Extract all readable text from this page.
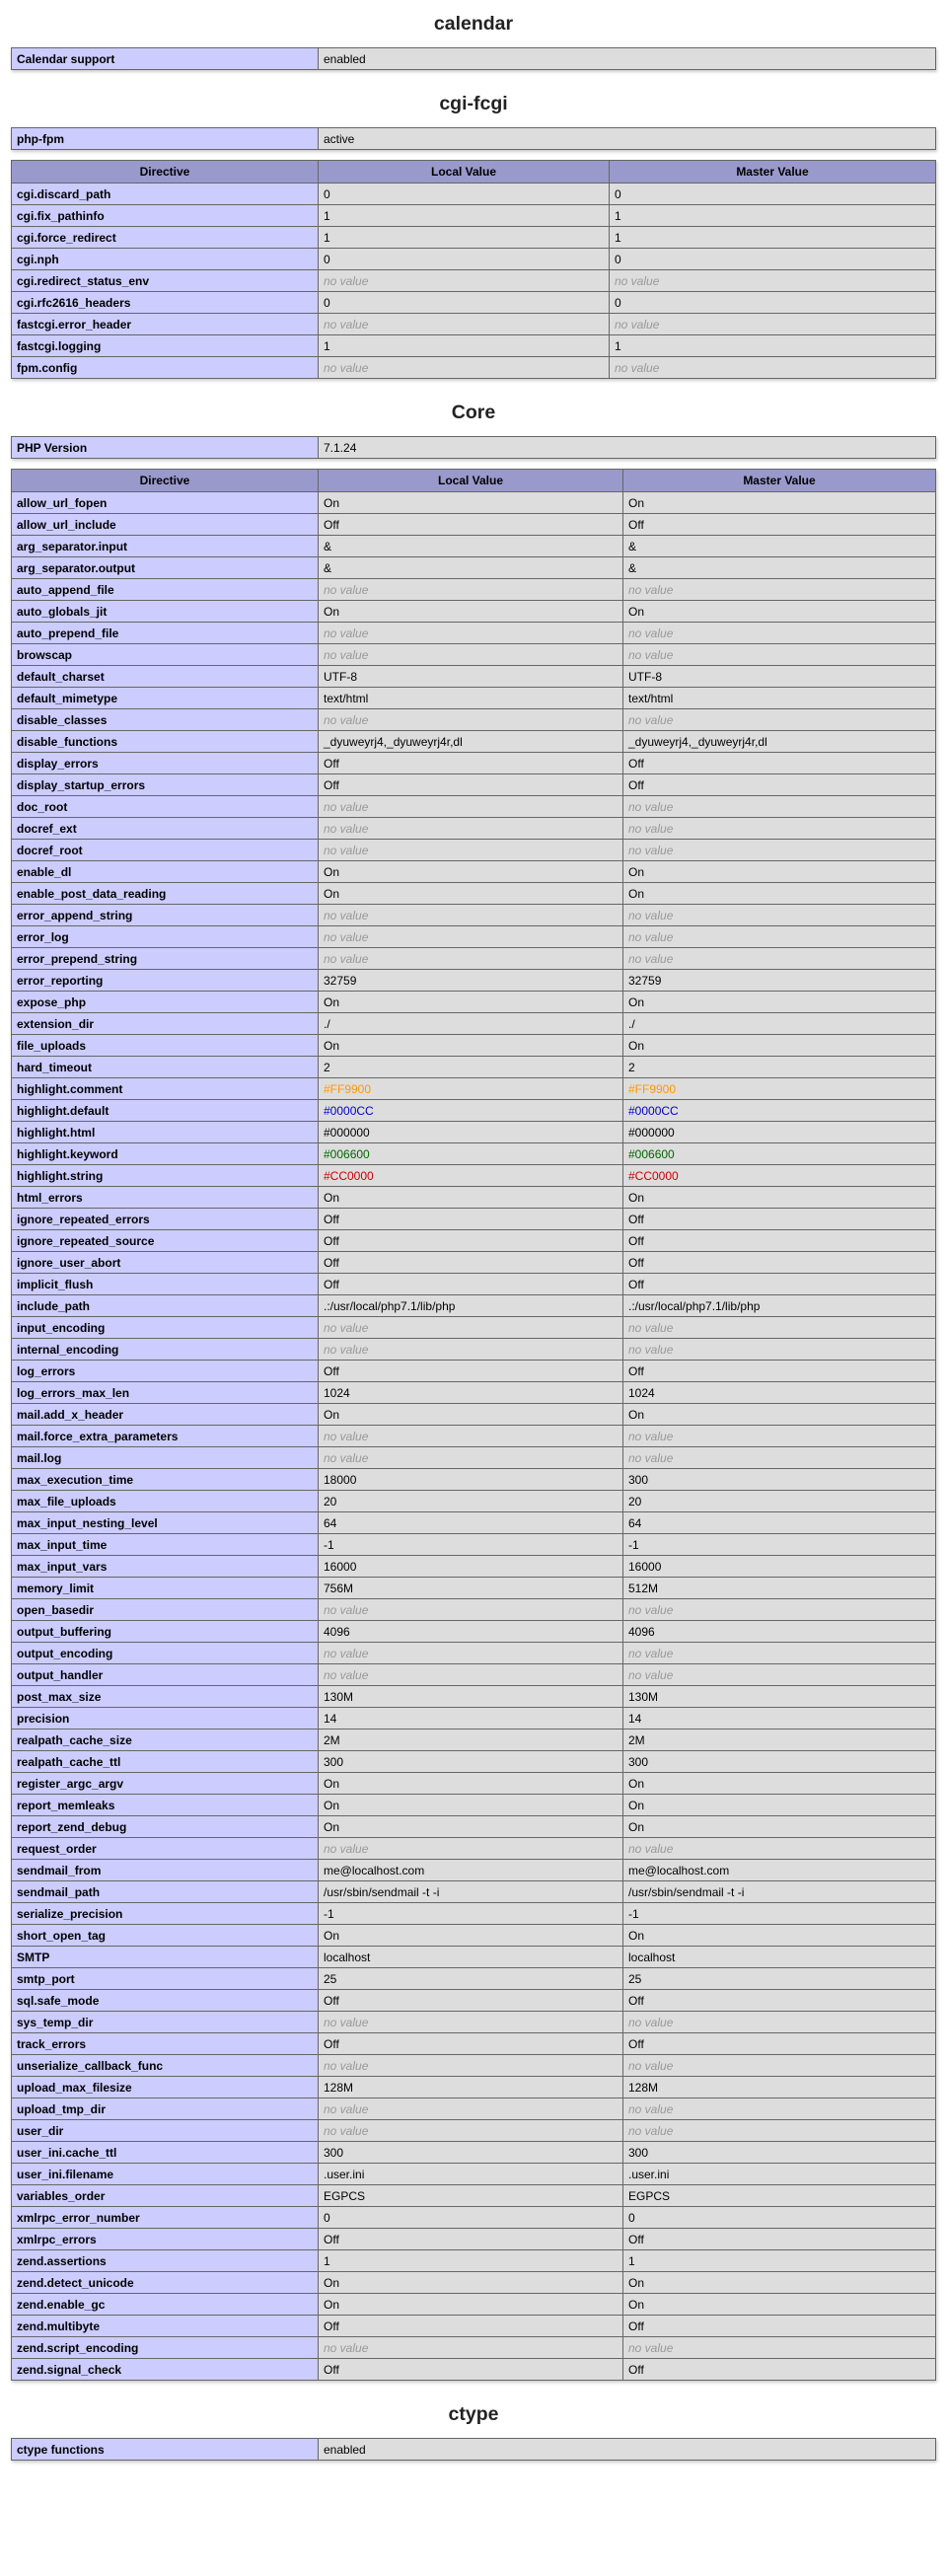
calendar
Calendar support	enabled
cgi-fcgi
php-fpm	active
Directive	Local Value	Master Value
cgi.discard_path	0	0
cgi.fix_pathinfo	1	1
cgi.force_redirect	1	1
cgi.nph	0	0
cgi.redirect_status_env	no value	no value
cgi.rfc2616_headers	0	0
fastcgi.error_header	no value	no value
fastcgi.logging	1	1
fpm.config	no value	no value
Core
PHP Version	7.1.24
Directive	Local Value	Master Value
allow_url_fopen	On	On
allow_url_include	Off	Off
arg_separator.input	&	&
arg_separator.output	&	&
auto_append_file	no value	no value
auto_globals_jit	On	On
auto_prepend_file	no value	no value
browscap	no value	no value
default_charset	UTF-8	UTF-8
default_mimetype	text/html	text/html
disable_classes	no value	no value
disable_functions	_dyuweyrj4,_dyuweyrj4r,dl	_dyuweyrj4,_dyuweyrj4r,dl
display_errors	Off	Off
display_startup_errors	Off	Off
doc_root	no value	no value
docref_ext	no value	no value
docref_root	no value	no value
enable_dl	On	On
enable_post_data_reading	On	On
error_append_string	no value	no value
error_log	no value	no value
error_prepend_string	no value	no value
error_reporting	32759	32759
expose_php	On	On
extension_dir	./	./
file_uploads	On	On
hard_timeout	2	2
highlight.comment	#FF9900	#FF9900
highlight.default	#0000CC	#0000CC
highlight.html	#000000	#000000
highlight.keyword	#006600	#006600
highlight.string	#CC0000	#CC0000
html_errors	On	On
ignore_repeated_errors	Off	Off
ignore_repeated_source	Off	Off
ignore_user_abort	Off	Off
implicit_flush	Off	Off
include_path	.:/usr/local/php7.1/lib/php	.:/usr/local/php7.1/lib/php
input_encoding	no value	no value
internal_encoding	no value	no value
log_errors	Off	Off
log_errors_max_len	1024	1024
mail.add_x_header	On	On
mail.force_extra_parameters	no value	no value
mail.log	no value	no value
max_execution_time	18000	300
max_file_uploads	20	20
max_input_nesting_level	64	64
max_input_time	-1	-1
max_input_vars	16000	16000
memory_limit	756M	512M
open_basedir	no value	no value
output_buffering	4096	4096
output_encoding	no value	no value
output_handler	no value	no value
post_max_size	130M	130M
precision	14	14
realpath_cache_size	2M	2M
realpath_cache_ttl	300	300
register_argc_argv	On	On
report_memleaks	On	On
report_zend_debug	On	On
request_order	no value	no value
sendmail_from	me@localhost.com	me@localhost.com
sendmail_path	/usr/sbin/sendmail -t -i	/usr/sbin/sendmail -t -i
serialize_precision	-1	-1
short_open_tag	On	On
SMTP	localhost	localhost
smtp_port	25	25
sql.safe_mode	Off	Off
sys_temp_dir	no value	no value
track_errors	Off	Off
unserialize_callback_func	no value	no value
upload_max_filesize	128M	128M
upload_tmp_dir	no value	no value
user_dir	no value	no value
user_ini.cache_ttl	300	300
user_ini.filename	.user.ini	.user.ini
variables_order	EGPCS	EGPCS
xmlrpc_error_number	0	0
xmlrpc_errors	Off	Off
zend.assertions	1	1
zend.detect_unicode	On	On
zend.enable_gc	On	On
zend.multibyte	Off	Off
zend.script_encoding	no value	no value
zend.signal_check	Off	Off
ctype
ctype functions	enabled
